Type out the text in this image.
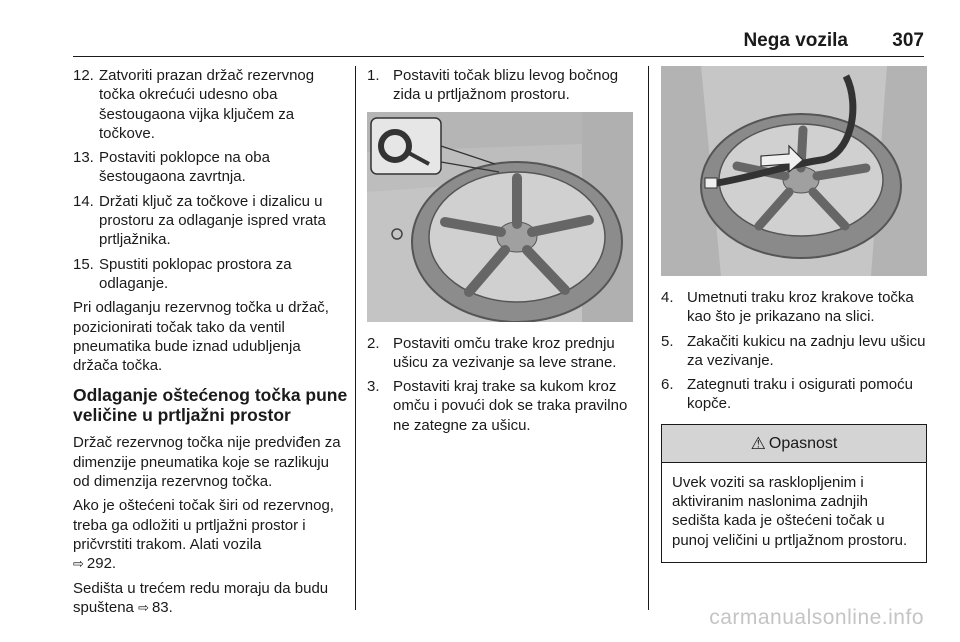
Nega vozila 307
12. Zatvoriti prazan držač rezervnog točka okrećući udesno oba šestougaona vijka ključem za točkove.
13. Postaviti poklopce na oba šestougaona zavrtnja.
14. Držati ključ za točkove i dizalicu u prostoru za odlaganje ispred vrata prtljažnika.
15. Spustiti poklopac prostora za odlaganje.

Pri odlaganju rezervnog točka u držač, pozicionirati točak tako da ventil pneumatika bude iznad udubljenja držača točka.

Odlaganje oštećenog točka pune veličine u prtljažni prostor

Držač rezervnog točka nije predviđen za dimenzije pneumatika koje se razlikuju od dimenzija rezervnog točka.

Ako je oštećeni točak širi od rezervnog, treba ga odložiti u prtljažni prostor i pričvrstiti trakom. Alati vozila
⇨ 292.

Sedišta u trećem redu moraju da budu spuštena ⇨ 83.

1. Postaviti točak blizu levog bočnog zida u prtljažnom prostoru.
2. Postaviti omču trake kroz prednju ušicu za vezivanje sa leve strane.
3. Postaviti kraj trake sa kukom kroz omču i povući dok se traka pravilno ne zategne za ušicu.
4. Umetnuti traku kroz krakove točka kao što je prikazano na slici.
5. Zakačiti kukicu na zadnju levu ušicu za vezivanje.
6. Zategnuti traku i osigurati pomoću kopče.
⚠ Opasnost
Uvek voziti sa rasklopljenim i aktiviranim naslonima zadnjih sedišta kada je oštećeni točak u punoj veličini u prtljažnom prostoru.
carmanualsonline.info
